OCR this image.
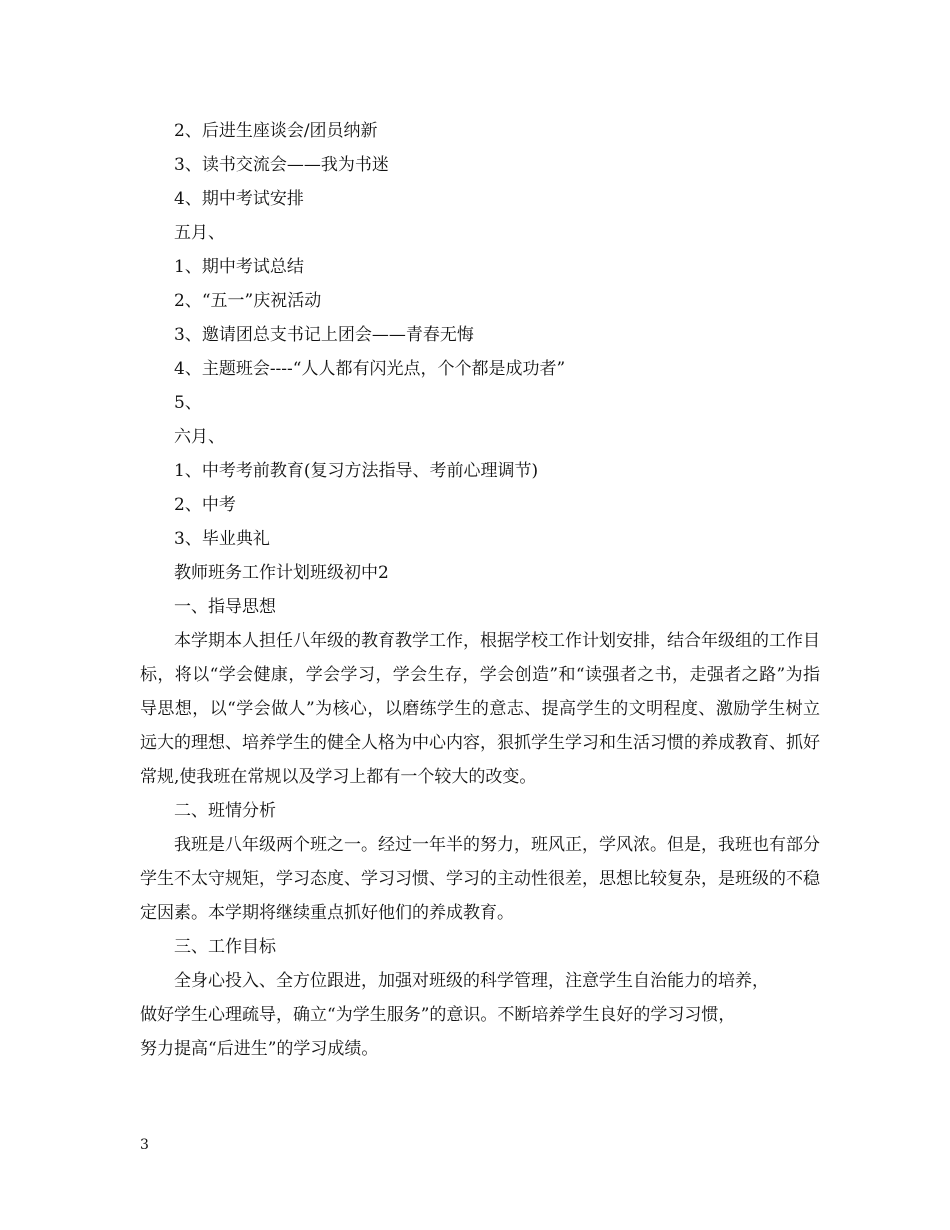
2、后进生座谈会/团员纳新

3、读书交流会——我为书迷

4、期中考试安排

五月、

1、期中考试总结

2、“五一”庆祝活动

3、邀请团总支书记上团会——青春无悔

4、主题班会----“人人都有闪光点，个个都是成功者”

5、

六月、

1、中考考前教育(复习方法指导、考前心理调节)

2、中考

3、毕业典礼

教师班务工作计划班级初中2

一、指导思想

本学期本人担任八年级的教育教学工作，根据学校工作计划安排，结合年级组的工作目标，将以“学会健康，学会学习，学会生存，学会创造”和“读强者之书，走强者之路”为指导思想，以“学会做人”为核心，以磨练学生的意志、提高学生的文明程度、激励学生树立远大的理想、培养学生的健全人格为中心内容，狠抓学生学习和生活习惯的养成教育、抓好常规,使我班在常规以及学习上都有一个较大的改变。

二、班情分析

我班是八年级两个班之一。经过一年半的努力，班风正，学风浓。但是，我班也有部分学生不太守规矩，学习态度、学习习惯、学习的主动性很差，思想比较复杂，是班级的不稳定因素。本学期将继续重点抓好他们的养成教育。

三、工作目标

全身心投入、全方位跟进，加强对班级的科学管理，注意学生自治能力的培养，

做好学生心理疏导，确立“为学生服务”的意识。不断培养学生良好的学习习惯，

努力提高“后进生”的学习成绩。

3
